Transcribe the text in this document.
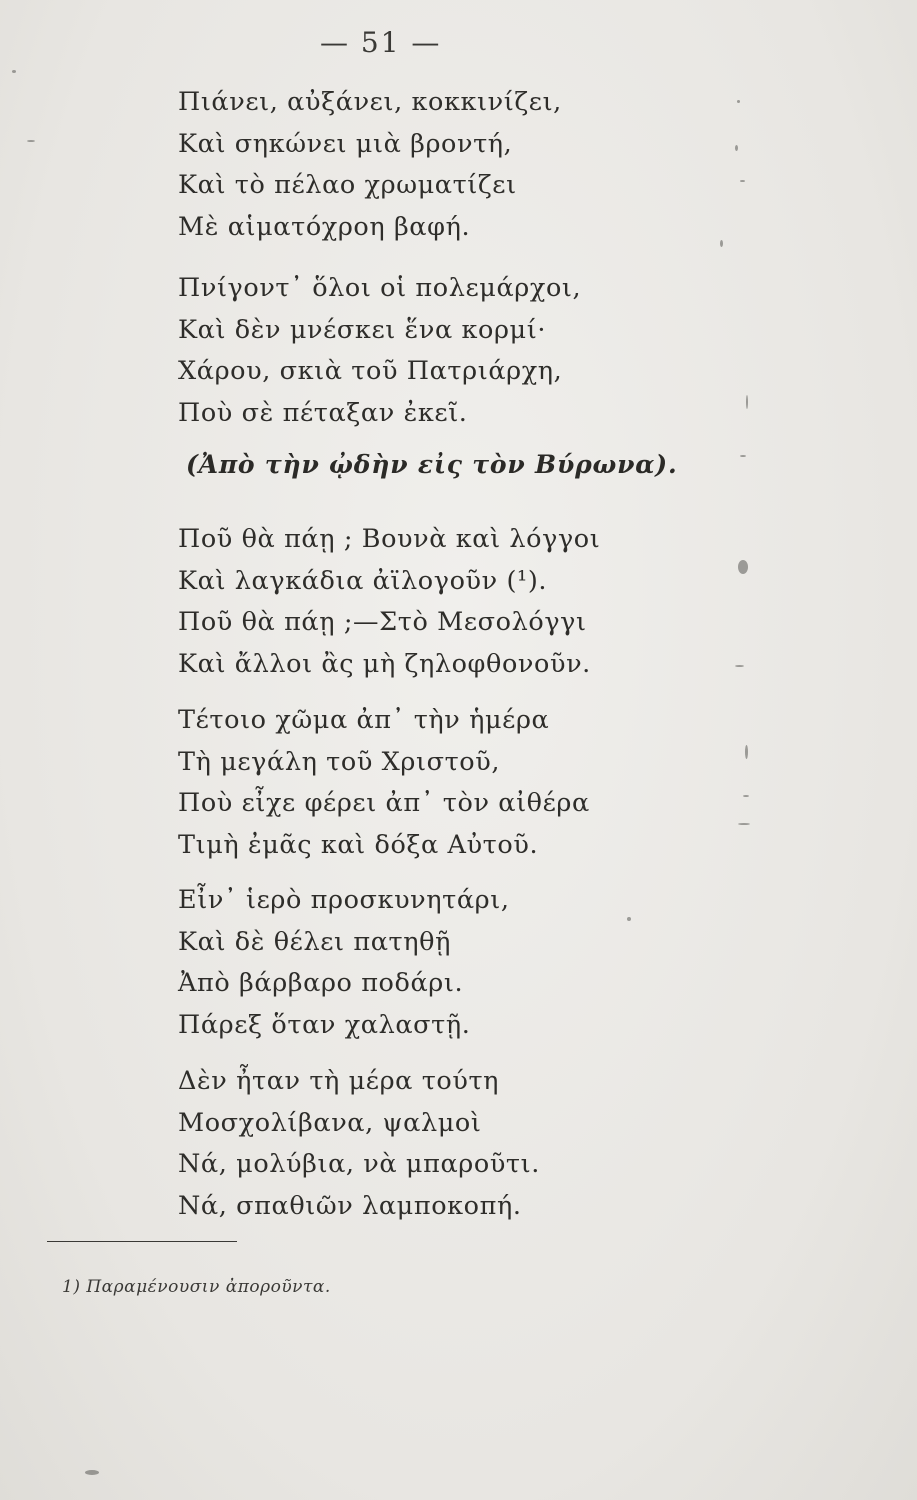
— 51 —
Πιάνει, αὐξάνει, κοκκινίζει,
Καὶ σηκώνει μιὰ βροντή,
Καὶ τὸ πέλαο χρωματίζει
Μὲ αἱματόχροη βαφή.
Πνίγοντ᾽ ὅλοι οἱ πολεμάρχοι,
Καὶ δὲν μνέσκει ἕνα κορμί·
Χάρου, σκιὰ τοῦ Πατριάρχη,
Ποὺ σὲ πέταξαν ἐκεῖ.
(Ἀπὸ τὴν ᾠδὴν εἰς τὸν Βύρωνα).
Ποῦ θὰ πάῃ ; Βουνὰ καὶ λόγγοι
Καὶ λαγκάδια ἀϊλογοῦν (¹).
Ποῦ θὰ πάῃ ;—Στὸ Μεσολόγγι
Καὶ ἄλλοι ἂς μὴ ζηλοφθονοῦν.
Τέτοιο χῶμα ἀπ᾽ τὴν ἡμέρα
Τὴ μεγάλη τοῦ Χριστοῦ,
Ποὺ εἶχε φέρει ἀπ᾽ τὸν αἰθέρα
Τιμὴ ἐμᾶς καὶ δόξα Αὐτοῦ.
Εἶν᾽ ἱερὸ προσκυνητάρι,
Καὶ δὲ θέλει πατηθῇ
Ἀπὸ βάρβαρο ποδάρι.
Πάρεξ ὅταν χαλαστῇ.
Δὲν ἦταν τὴ μέρα τούτη
Μοσχολίβανα, ψαλμοὶ
Νά, μολύβια, νὰ μπαροῦτι.
Νά, σπαθιῶν λαμποκοπή.
1) Παραμένουσιν ἀποροῦντα.
